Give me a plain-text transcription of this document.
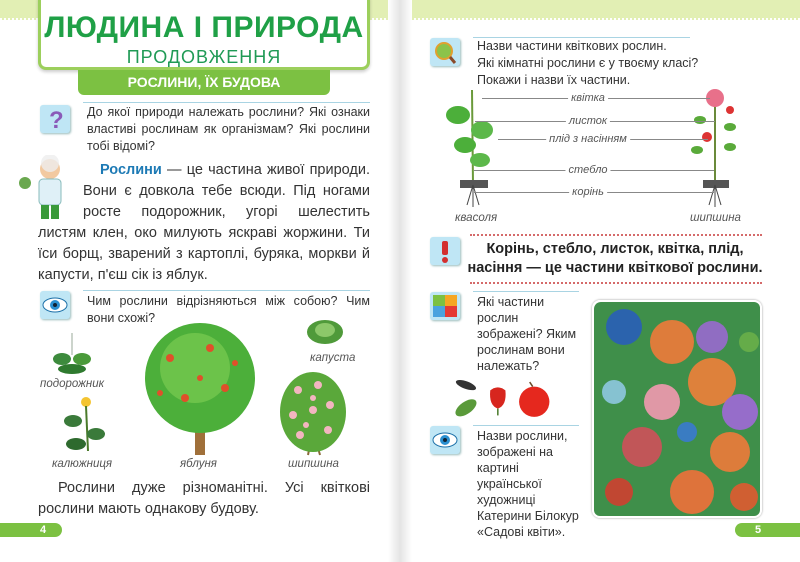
ЛЮДИНА І ПРИРОДА
ПРОДОВЖЕННЯ
РОСЛИНИ, ЇХ БУДОВА
? До якої природи належать рослини? Які ознаки властиві рослинам як організмам? Які рослини тобі відомі?

Рослини — це частина живої природи. Вони є довкола тебе всюди. Під ногами росте подорожник, угорі шелестить листям клен, око милують яскраві жоржини. Ти їси борщ, зварений з картоплі, буряка, моркви й капусти, п'єш сік із яблук.

Чим рослини відрізняються між собою? Чим вони схожі?
подорожник
калюжниця	яблуня
капуста
шипшина

Рослини дуже різноманітні. Усі квіткові рослини мають однакову будову.

4
Назви частини квіткових рослин.
Які кімнатні рослини є у твоєму класі?
Покажи і назви їх частини.
квітка
листок
плід з насінням
стебло
корінь
квасоля	шипшина
Корінь, стебло, листок, квітка, плід,
насіння — це частини квіткової рослини.
Які частини рослин зображені? Яким рослинам вони належать?
Назви рослини, зображені на картині української художниці Катерини Білокур «Садові квіти».	5
